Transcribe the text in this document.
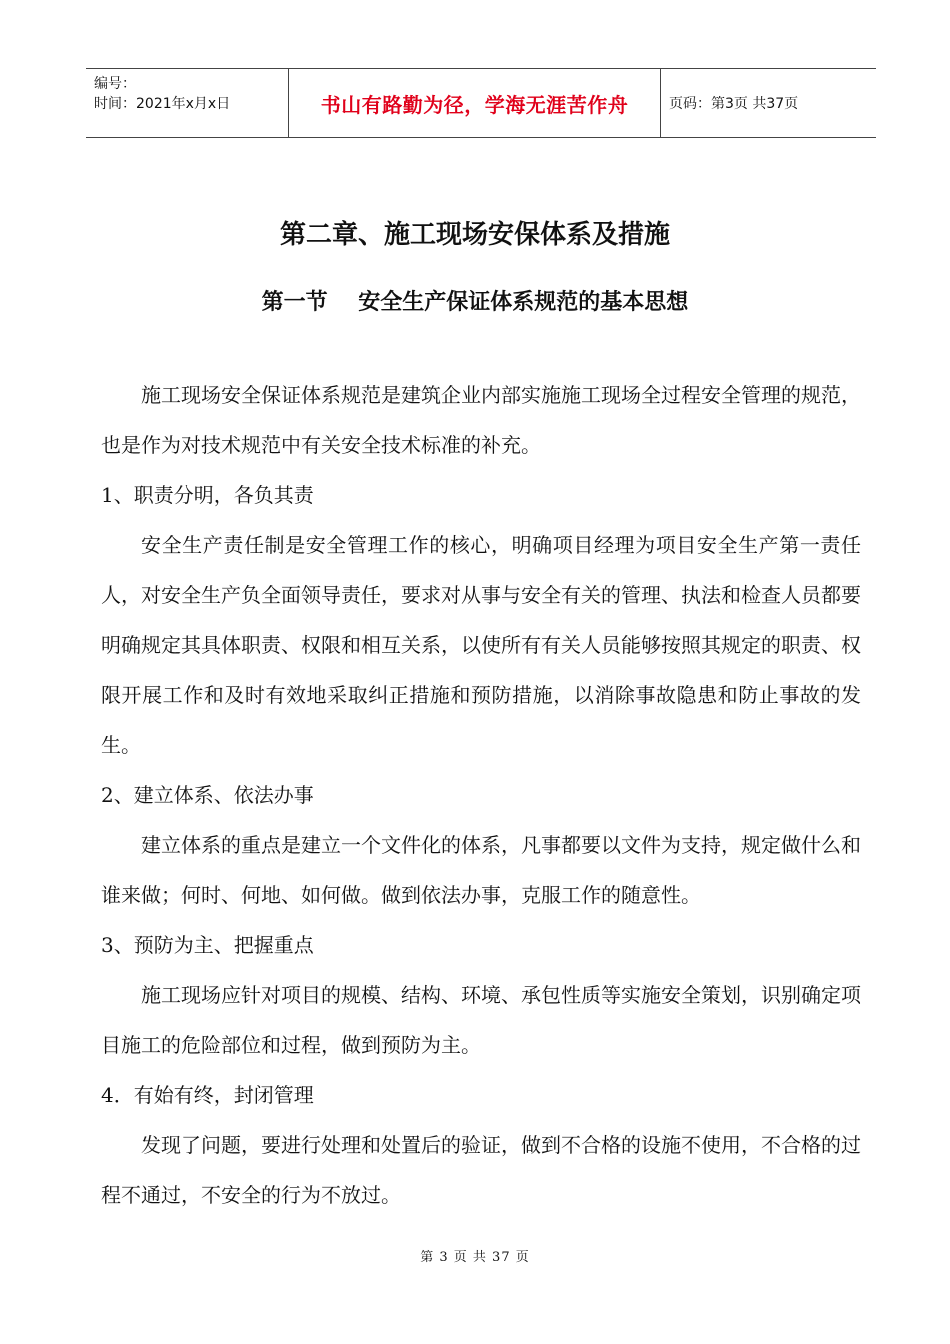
编号：
时间：2021年x月x日	书山有路勤为径，学海无涯苦作舟	页码：第3页 共37页
第二章、施工现场安保体系及措施
第一节    安全生产保证体系规范的基本思想

施工现场安全保证体系规范是建筑企业内部实施施工现场全过程安全管理的规范，也是作为对技术规范中有关安全技术标准的补充。

1、职责分明，各负其责

安全生产责任制是安全管理工作的核心，明确项目经理为项目安全生产第一责任人，对安全生产负全面领导责任，要求对从事与安全有关的管理、执法和检查人员都要明确规定其具体职责、权限和相互关系，以使所有有关人员能够按照其规定的职责、权限开展工作和及时有效地采取纠正措施和预防措施，以消除事故隐患和防止事故的发生。

2、建立体系、依法办事

建立体系的重点是建立一个文件化的体系，凡事都要以文件为支持，规定做什么和谁来做；何时、何地、如何做。做到依法办事，克服工作的随意性。

3、预防为主、把握重点

施工现场应针对项目的规模、结构、环境、承包性质等实施安全策划，识别确定项目施工的危险部位和过程，做到预防为主。

4．有始有终，封闭管理

发现了问题，要进行处理和处置后的验证，做到不合格的设施不使用，不合格的过程不通过，不安全的行为不放过。

第 3 页 共 37 页
